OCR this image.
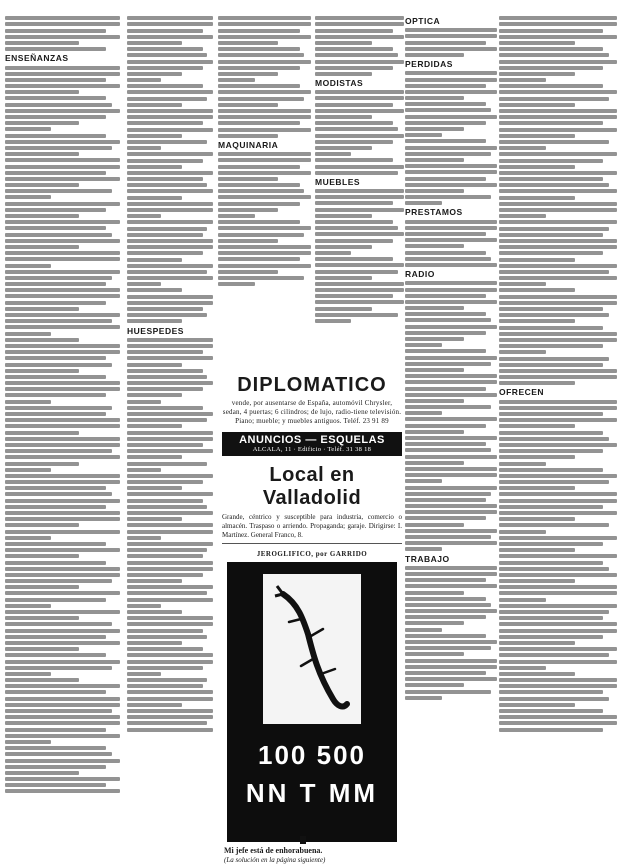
ENSEÑANZAS
HUESPEDES
MAQUINARIA
MODISTAS
MUEBLES
OPTICA
PERDIDAS
PRESTAMOS
RADIO
TRABAJO
OFRECEN
DIPLOMATICO
vende, por ausentarse de España, automóvil Chrysler, sedan, 4 puertas; 6 cilindros; de lujo, radio-tiene televisión. Piano; mueble; y muebles antiguos. Teléf. 23 91 89
ANUNCIOS — ESQUELAS
ALCALA, 11 · Edificio · Teléf. 31 38 18
Local en Valladolid
Grande, céntrico y susceptible para industria, comercio o almacén. Traspaso o arriendo. Propaganda; garaje. Dirigirse: I. Martínez. General Franco, 8.
JEROGLIFICO, por GARRIDO
100 500
NN T MM
Mi jefe está de enhorabuena.
(La solución en la página siguiente)
